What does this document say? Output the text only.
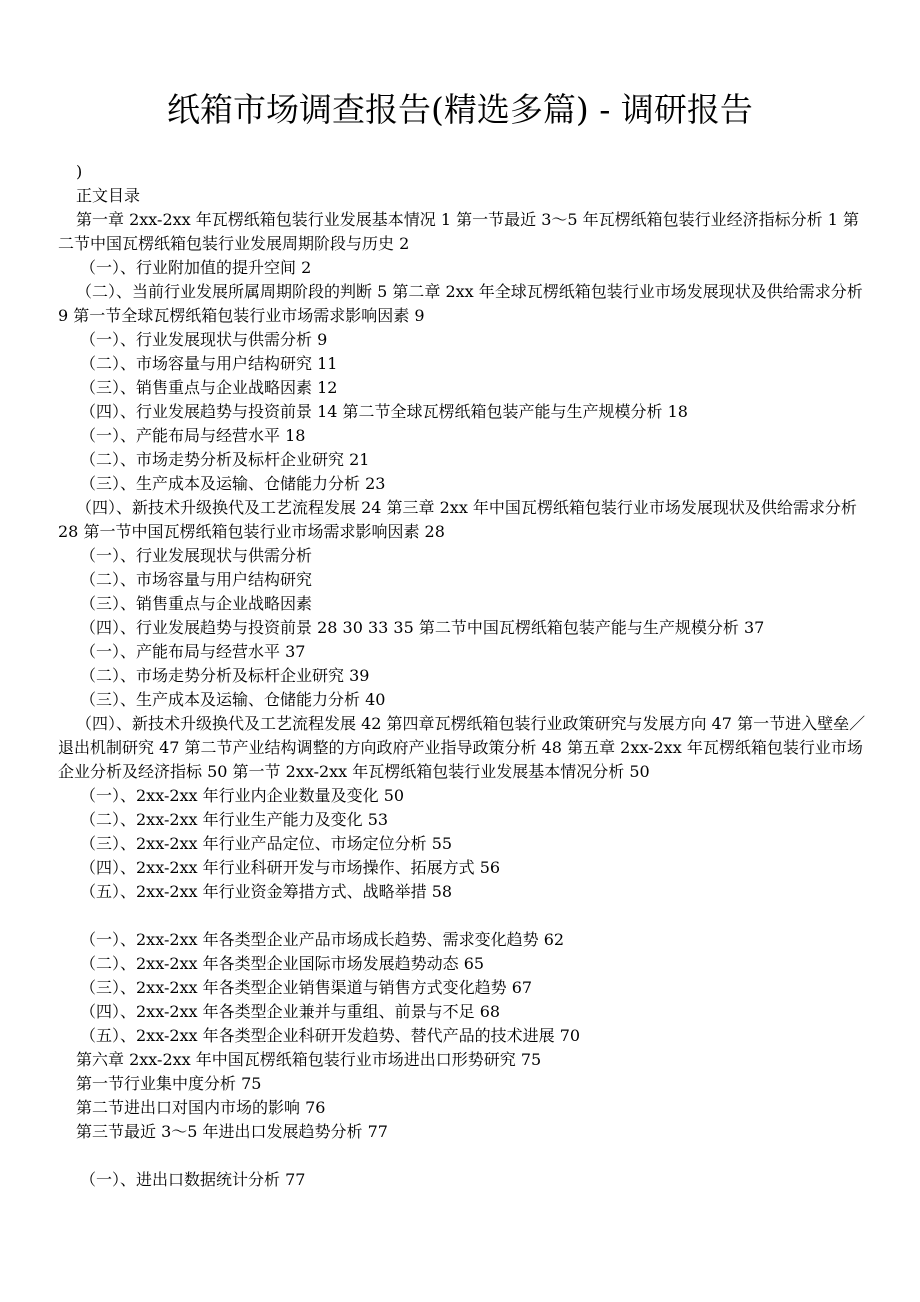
纸箱市场调查报告(精选多篇) - 调研报告
)
正文目录
第一章 2xx-2xx 年瓦楞纸箱包装行业发展基本情况 1 第一节最近 3～5 年瓦楞纸箱包装行业经济指标分析 1 第二节中国瓦楞纸箱包装行业发展周期阶段与历史 2
（一）、行业附加值的提升空间 2
（二）、当前行业发展所属周期阶段的判断 5 第二章 2xx 年全球瓦楞纸箱包装行业市场发展现状及供给需求分析 9 第一节全球瓦楞纸箱包装行业市场需求影响因素 9
（一）、行业发展现状与供需分析 9
（二）、市场容量与用户结构研究 11
（三）、销售重点与企业战略因素 12
（四）、行业发展趋势与投资前景 14 第二节全球瓦楞纸箱包装产能与生产规模分析 18
（一）、产能布局与经营水平 18
（二）、市场走势分析及标杆企业研究 21
（三）、生产成本及运输、仓储能力分析 23
（四）、新技术升级换代及工艺流程发展 24 第三章 2xx 年中国瓦楞纸箱包装行业市场发展现状及供给需求分析 28 第一节中国瓦楞纸箱包装行业市场需求影响因素 28
（一）、行业发展现状与供需分析
（二）、市场容量与用户结构研究
（三）、销售重点与企业战略因素
（四）、行业发展趋势与投资前景 28 30 33 35 第二节中国瓦楞纸箱包装产能与生产规模分析 37
（一）、产能布局与经营水平 37
（二）、市场走势分析及标杆企业研究 39
（三）、生产成本及运输、仓储能力分析 40
（四）、新技术升级换代及工艺流程发展 42 第四章瓦楞纸箱包装行业政策研究与发展方向 47 第一节进入壁垒／退出机制研究 47 第二节产业结构调整的方向政府产业指导政策分析 48 第五章 2xx-2xx 年瓦楞纸箱包装行业市场企业分析及经济指标 50 第一节 2xx-2xx 年瓦楞纸箱包装行业发展基本情况分析 50
（一）、2xx-2xx 年行业内企业数量及变化 50
（二）、2xx-2xx 年行业生产能力及变化 53
（三）、2xx-2xx 年行业产品定位、市场定位分析 55
（四）、2xx-2xx 年行业科研开发与市场操作、拓展方式 56
（五）、2xx-2xx 年行业资金筹措方式、战略举措 58
（一）、2xx-2xx 年各类型企业产品市场成长趋势、需求变化趋势 62
（二）、2xx-2xx 年各类型企业国际市场发展趋势动态 65
（三）、2xx-2xx 年各类型企业销售渠道与销售方式变化趋势 67
（四）、2xx-2xx 年各类型企业兼并与重组、前景与不足 68
（五）、2xx-2xx 年各类型企业科研开发趋势、替代产品的技术进展 70
第六章 2xx-2xx 年中国瓦楞纸箱包装行业市场进出口形势研究 75
第一节行业集中度分析 75
第二节进出口对国内市场的影响 76
第三节最近 3～5 年进出口发展趋势分析 77
（一）、进出口数据统计分析 77
